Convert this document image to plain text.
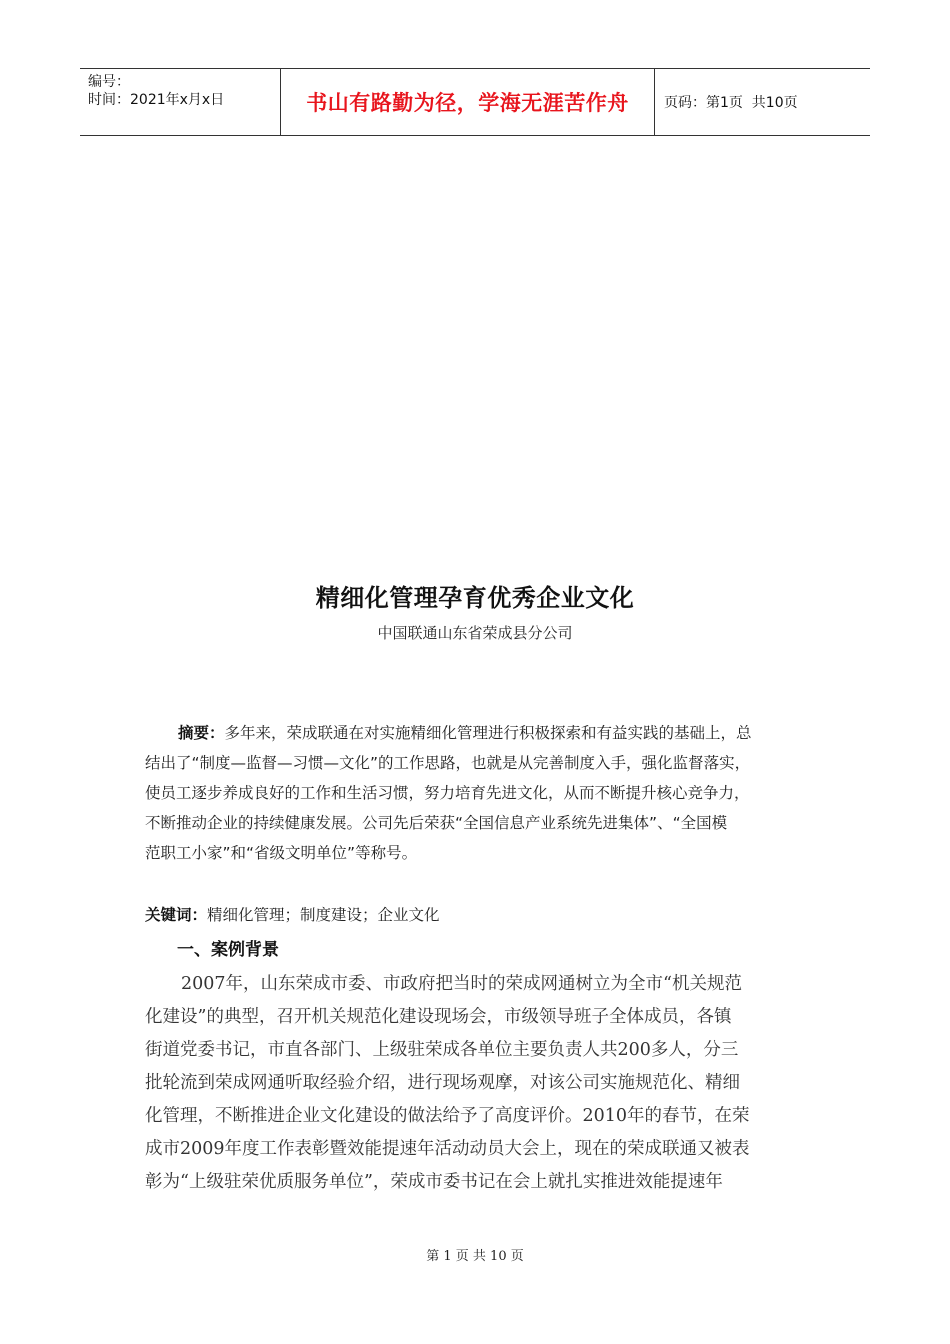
编号：
时间：2021年x月x日	书山有路勤为径，学海无涯苦作舟	页码：第1页  共10页
精细化管理孕育优秀企业文化
中国联通山东省荣成县分公司
摘要：多年来，荣成联通在对实施精细化管理进行积极探索和有益实践的基础上，总
结出了“制度—监督—习惯—文化”的工作思路，也就是从完善制度入手，强化监督落实，
使员工逐步养成良好的工作和生活习惯，努力培育先进文化，从而不断提升核心竞争力，
不断推动企业的持续健康发展。公司先后荣获“全国信息产业系统先进集体”、“全国模
范职工小家”和“省级文明单位”等称号。
关键词：精细化管理；制度建设；企业文化
一、案例背景
2007年，山东荣成市委、市政府把当时的荣成网通树立为全市“机关规范
化建设”的典型，召开机关规范化建设现场会，市级领导班子全体成员，各镇
街道党委书记，市直各部门、上级驻荣成各单位主要负责人共200多人，分三
批轮流到荣成网通听取经验介绍，进行现场观摩，对该公司实施规范化、精细
化管理，不断推进企业文化建设的做法给予了高度评价。2010年的春节，在荣
成市2009年度工作表彰暨效能提速年活动动员大会上，现在的荣成联通又被表
彰为“上级驻荣优质服务单位”，荣成市委书记在会上就扎实推进效能提速年
第 1 页 共 10 页
